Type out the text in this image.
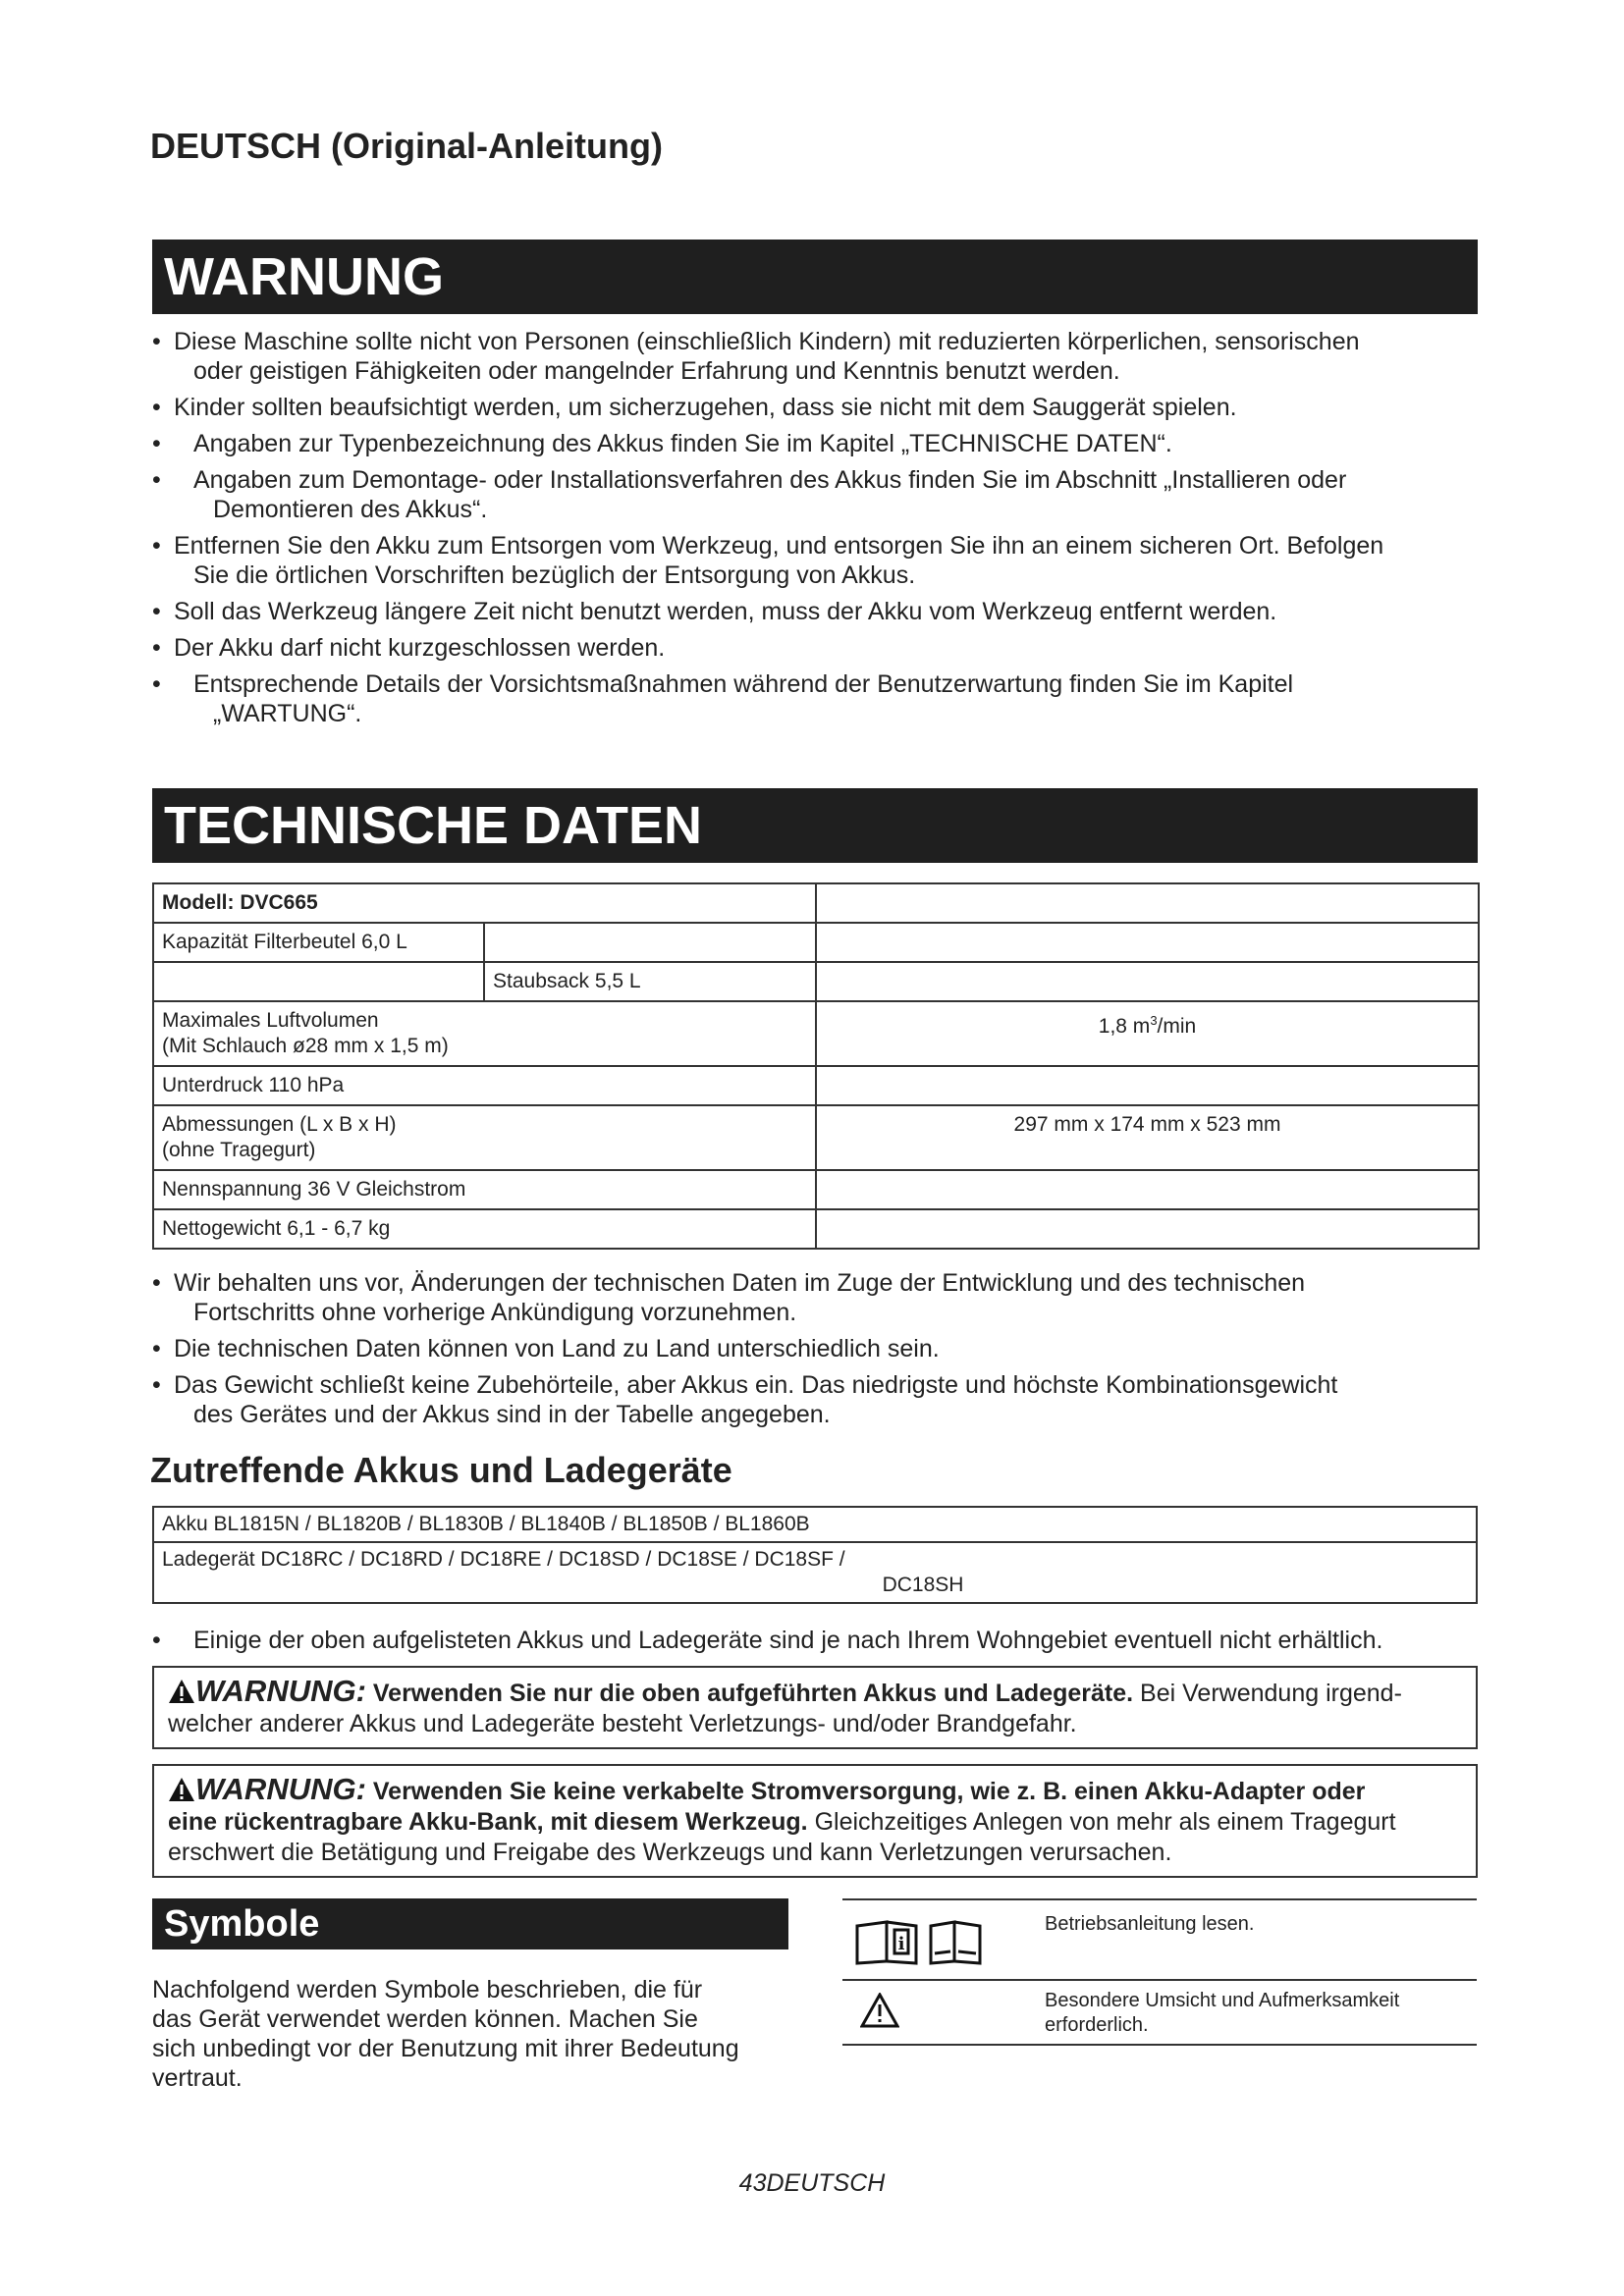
DEUTSCH (Original-Anleitung)
WARNUNG
• Diese Maschine sollte nicht von Personen (einschließlich Kindern) mit reduzierten körperlichen, sensorischen
oder geistigen Fähigkeiten oder mangelnder Erfahrung und Kenntnis benutzt werden.
• Kinder sollten beaufsichtigt werden, um sicherzugehen, dass sie nicht mit dem Sauggerät spielen.
• Angaben zur Typenbezeichnung des Akkus finden Sie im Kapitel „TECHNISCHE DATEN“.
• Angaben zum Demontage- oder Installationsverfahren des Akkus finden Sie im Abschnitt „Installieren oder
Demontieren des Akkus“.
• Entfernen Sie den Akku zum Entsorgen vom Werkzeug, und entsorgen Sie ihn an einem sicheren Ort. Befolgen
Sie die örtlichen Vorschriften bezüglich der Entsorgung von Akkus.
• Soll das Werkzeug längere Zeit nicht benutzt werden, muss der Akku vom Werkzeug entfernt werden.
• Der Akku darf nicht kurzgeschlossen werden.
• Entsprechende Details der Vorsichtsmaßnahmen während der Benutzerwartung finden Sie im Kapitel
„WARTUNG“.
TECHNISCHE DATEN
Modell: DVC665		
Kapazität Filterbeutel 6,0 L		
	Staubsack 5,5 L	
Maximales Luftvolumen
(Mit Schlauch ø28 mm x 1,5 m)		1,8 $m^3/\min$
Unterdruck 110 hPa		
Abmessungen (L x B x H)
(ohne Tragegurt)		297 mm x 174 mm x 523 mm
Nennspannung 36 V Gleichstrom		
Nettogewicht 6,1 - 6,7 kg		
• Wir behalten uns vor, Änderungen der technischen Daten im Zuge der Entwicklung und des technischen
Fortschritts ohne vorherige Ankündigung vorzunehmen.
• Die technischen Daten können von Land zu Land unterschiedlich sein.
• Das Gewicht schließt keine Zubehörteile, aber Akkus ein. Das niedrigste und höchste Kombinationsgewicht
des Gerätes und der Akkus sind in der Tabelle angegeben.
Zutreffende Akkus und Ladegeräte
Akku BL1815N / BL1820B / BL1830B / BL1840B / BL1850B / BL1860B
Ladegerät DC18RC / DC18RD / DC18RE / DC18SD / DC18SE / DC18SF /

DC18SH
• Einige der oben aufgelisteten Akkus und Ladegeräte sind je nach Ihrem Wohngebiet eventuell nicht erhältlich.
WARNUNG: Verwenden Sie nur die oben aufgeführten Akkus und Ladegeräte. Bei Verwendung irgend-
welcher anderer Akkus und Ladegeräte besteht Verletzungs- und/oder Brandgefahr.
WARNUNG: Verwenden Sie keine verkabelte Stromversorgung, wie z. B. einen Akku-Adapter oder
eine rückentragbare Akku-Bank, mit diesem Werkzeug. Gleichzeitiges Anlegen von mehr als einem Tragegurt
erschwert die Betätigung und Freigabe des Werkzeugs und kann Verletzungen verursachen.
Symbole
Nachfolgend werden Symbole beschrieben, die für
das Gerät verwendet werden können. Machen Sie
sich unbedingt vor der Benutzung mit ihrer Bedeutung
vertraut.
i
Betriebsanleitung lesen.
Besondere Umsicht und Aufmerksamkeit
erforderlich.
43DEUTSCH
